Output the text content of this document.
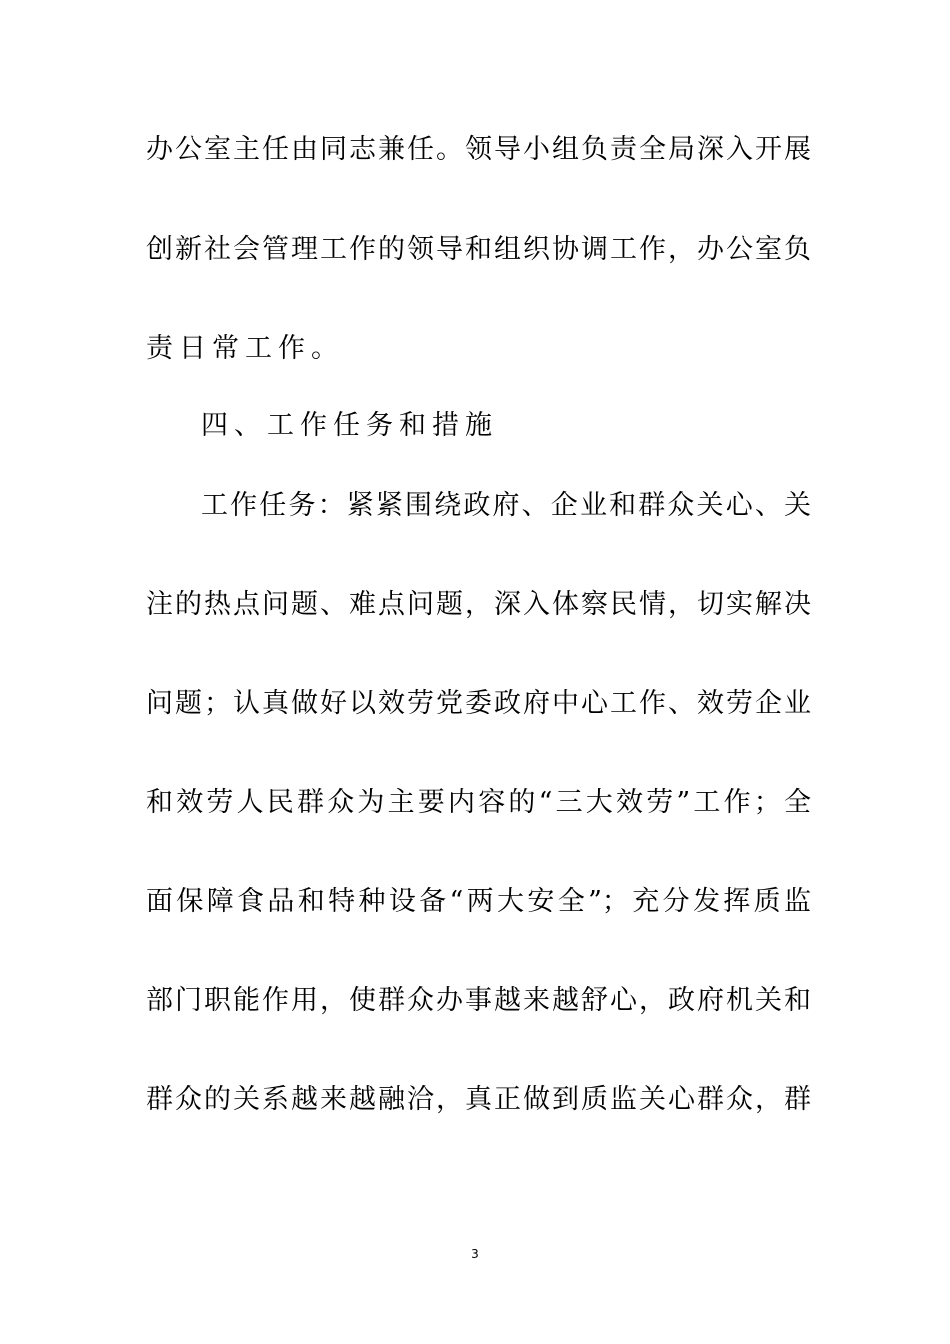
办公室主任由同志兼任。领导小组负责全局深入开展
创新社会管理工作的领导和组织协调工作，办公室负
责日常工作。
四、工作任务和措施
工作任务：紧紧围绕政府、企业和群众关心、关
注的热点问题、难点问题，深入体察民情，切实解决
问题；认真做好以效劳党委政府中心工作、效劳企业
和效劳人民群众为主要内容的“三大效劳”工作；全
面保障食品和特种设备“两大安全”；充分发挥质监
部门职能作用，使群众办事越来越舒心，政府机关和
群众的关系越来越融洽，真正做到质监关心群众，群
3
